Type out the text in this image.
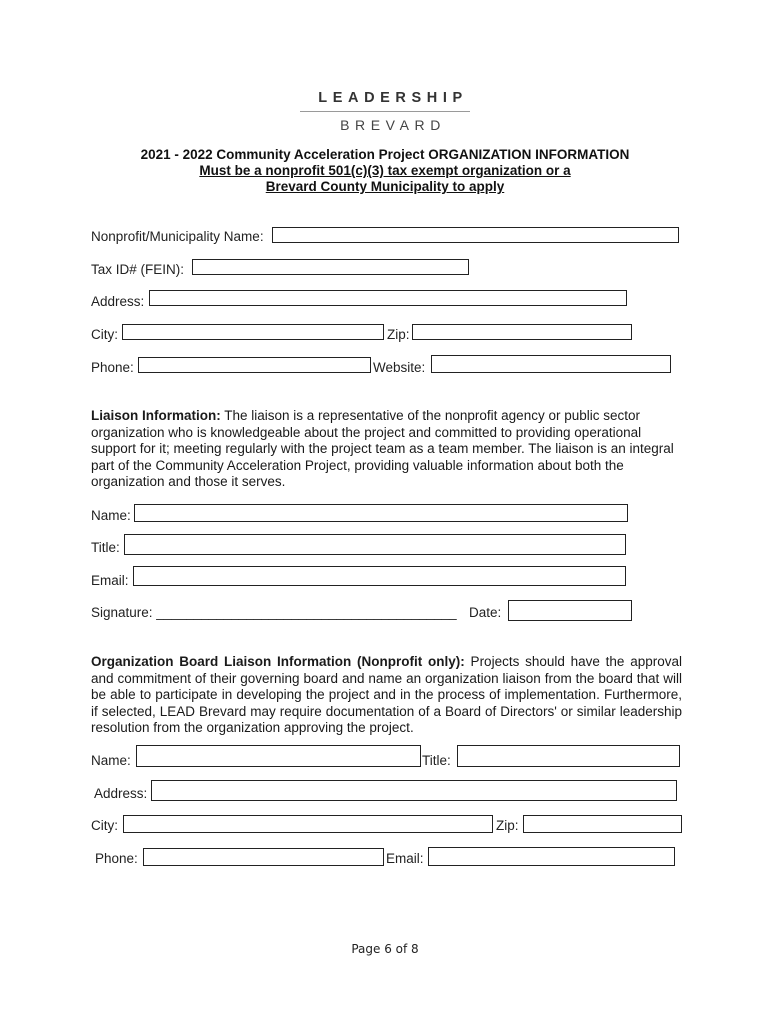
LEADERSHIP
BREVARD
2021 - 2022 Community Acceleration Project ORGANIZATION INFORMATION
Must be a nonprofit 501(c)(3) tax exempt organization or a
Brevard County Municipality to apply
Nonprofit/Municipality Name:
Tax ID# (FEIN):
Address:
City:	Zip:
Phone:	Website:
Liaison Information: The liaison is a representative of the nonprofit agency or public sector organization who is knowledgeable about the project and committed to providing operational support for it; meeting regularly with the project team as a team member. The liaison is an integral part of the Community Acceleration Project, providing valuable information about both the organization and those it serves.
Name:
Title:
Email:
Signature: ________________________________________ Date:
Organization Board Liaison Information (Nonprofit only): Projects should have the approval and commitment of their governing board and name an organization liaison from the board that will be able to participate in developing the project and in the process of implementation. Furthermore, if selected, LEAD Brevard may require documentation of a Board of Directors' or similar leadership resolution from the organization approving the project.
Name:	Title:
Address:
City:	Zip:
Phone:	Email:
Page 6 of 8
